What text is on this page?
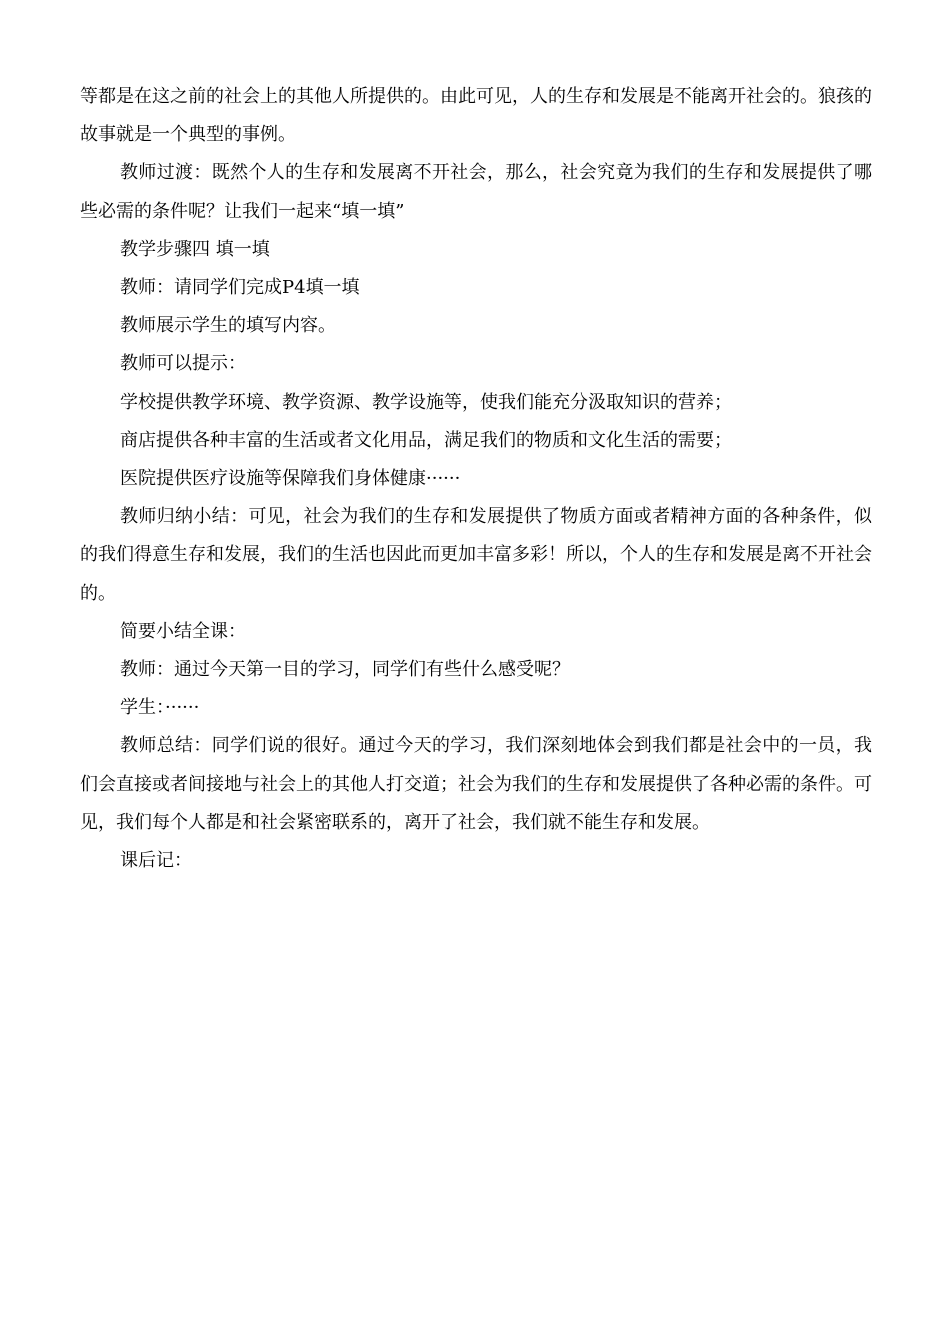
等都是在这之前的社会上的其他人所提供的。由此可见，人的生存和发展是不能离开社会的。狼孩的故事就是一个典型的事例。

教师过渡：既然个人的生存和发展离不开社会，那么，社会究竟为我们的生存和发展提供了哪些必需的条件呢？让我们一起来“填一填”

教学步骤四 填一填

教师：请同学们完成P4填一填

教师展示学生的填写内容。

教师可以提示：

学校提供教学环境、教学资源、教学设施等，使我们能充分汲取知识的营养；

商店提供各种丰富的生活或者文化用品，满足我们的物质和文化生活的需要；

医院提供医疗设施等保障我们身体健康······

教师归纳小结：可见，社会为我们的生存和发展提供了物质方面或者精神方面的各种条件，似的我们得意生存和发展，我们的生活也因此而更加丰富多彩！所以，个人的生存和发展是离不开社会的。

简要小结全课：

教师：通过今天第一目的学习，同学们有些什么感受呢？

学生：······

教师总结：同学们说的很好。通过今天的学习，我们深刻地体会到我们都是社会中的一员，我们会直接或者间接地与社会上的其他人打交道；社会为我们的生存和发展提供了各种必需的条件。可见，我们每个人都是和社会紧密联系的，离开了社会，我们就不能生存和发展。

课后记：
